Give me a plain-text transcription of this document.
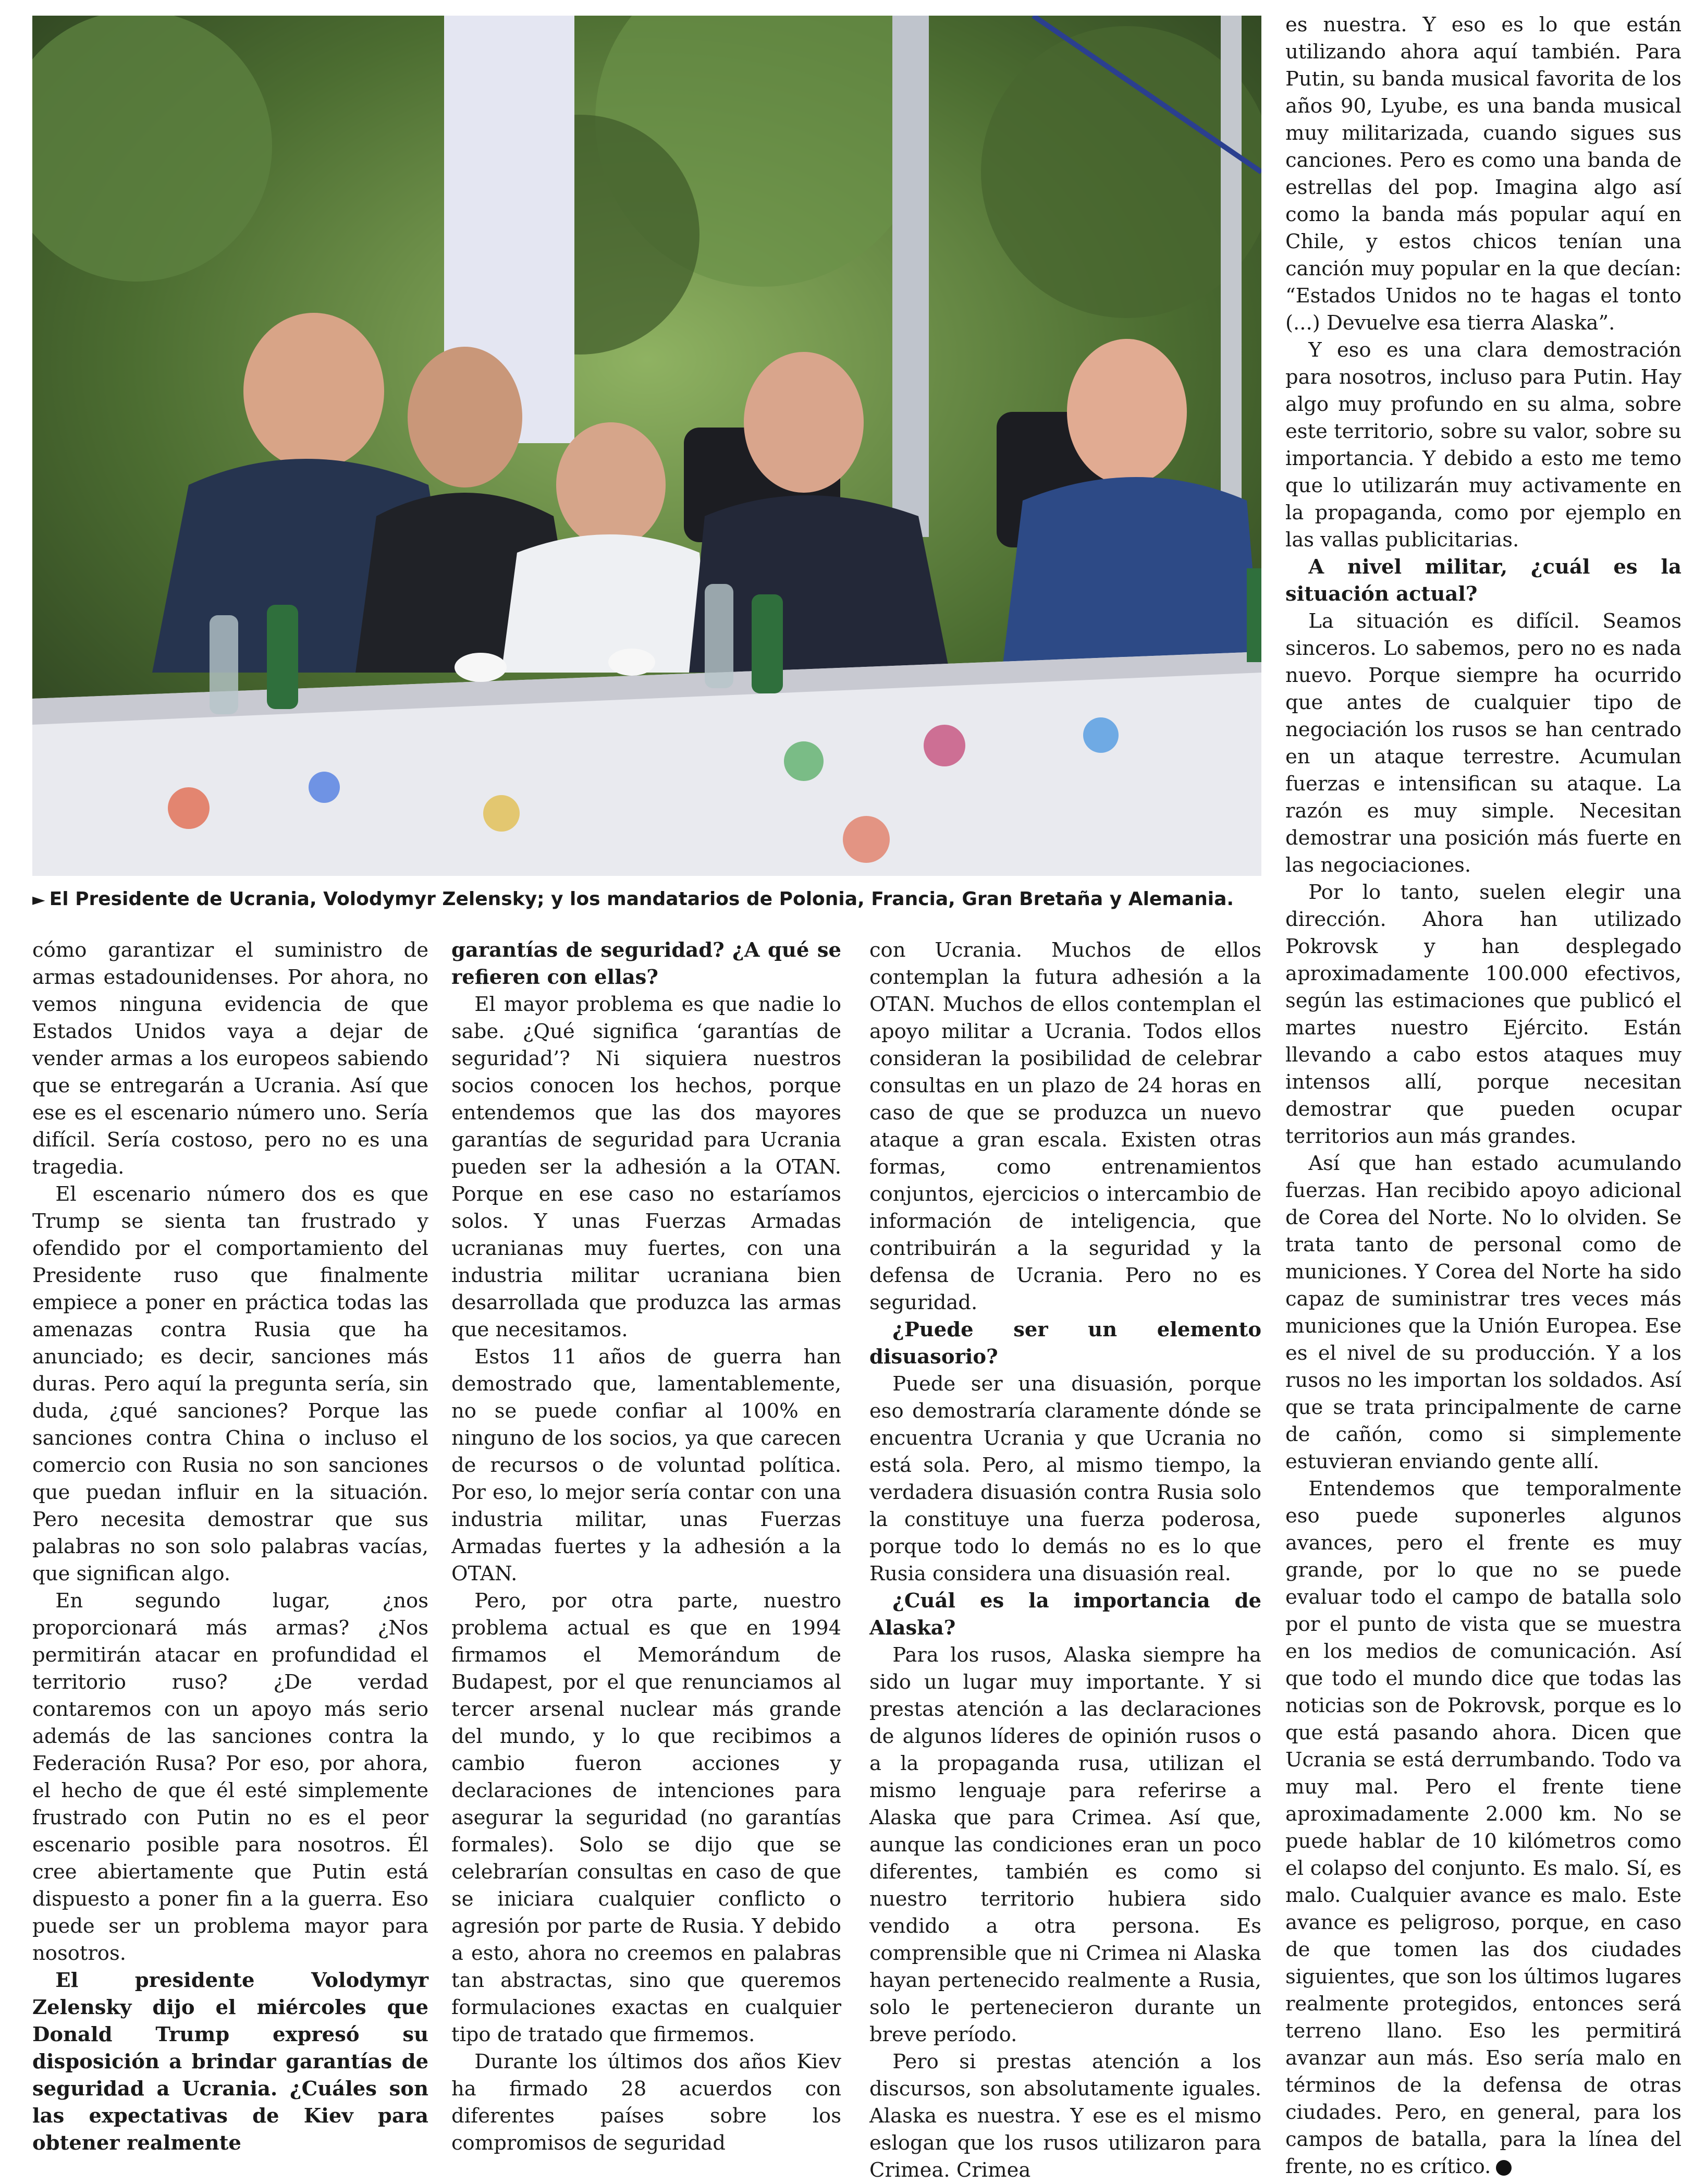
► El Presidente de Ucrania, Volodymyr Zelensky; y los mandatarios de Polonia, Francia, Gran Bretaña y Alemania.

cómo garantizar el suministro de armas estadounidenses. Por ahora, no vemos ninguna evidencia de que Estados Unidos vaya a dejar de vender armas a los europeos sabiendo que se entregarán a Ucrania. Así que ese es el escenario número uno. Sería difícil. Sería costoso, pero no es una tragedia.

El escenario número dos es que Trump se sienta tan frustrado y ofendido por el comportamiento del Presidente ruso que finalmente empiece a poner en práctica todas las amenazas contra Rusia que ha anunciado; es decir, sanciones más duras. Pero aquí la pregunta sería, sin duda, ¿qué sanciones? Porque las sanciones contra China o incluso el comercio con Rusia no son sanciones que puedan influir en la situación. Pero necesita demostrar que sus palabras no son solo palabras vacías, que significan algo.

En segundo lugar, ¿nos proporcionará más armas? ¿Nos permitirán atacar en profundidad el territorio ruso? ¿De verdad contaremos con un apoyo más serio además de las sanciones contra la Federación Rusa? Por eso, por ahora, el hecho de que él esté simplemente frustrado con Putin no es el peor escenario posible para nosotros. Él cree abiertamente que Putin está dispuesto a poner fin a la guerra. Eso puede ser un problema mayor para nosotros.

El presidente Volodymyr Zelensky dijo el miércoles que Donald Trump expresó su disposición a brindar garantías de seguridad a Ucrania. ¿Cuáles son las expectativas de Kiev para obtener realmente

garantías de seguridad? ¿A qué se refieren con ellas?

El mayor problema es que nadie lo sabe. ¿Qué significa ‘garantías de seguridad’? Ni siquiera nuestros socios conocen los hechos, porque entendemos que las dos mayores garantías de seguridad para Ucrania pueden ser la adhesión a la OTAN. Porque en ese caso no estaríamos solos. Y unas Fuerzas Armadas ucranianas muy fuertes, con una industria militar ucraniana bien desarrollada que produzca las armas que necesitamos.

Estos 11 años de guerra han demostrado que, lamentablemente, no se puede confiar al 100% en ninguno de los socios, ya que carecen de recursos o de voluntad política. Por eso, lo mejor sería contar con una industria militar, unas Fuerzas Armadas fuertes y la adhesión a la OTAN.

Pero, por otra parte, nuestro problema actual es que en 1994 firmamos el Memorándum de Budapest, por el que renunciamos al tercer arsenal nuclear más grande del mundo, y lo que recibimos a cambio fueron acciones y declaraciones de intenciones para asegurar la seguridad (no garantías formales). Solo se dijo que se celebrarían consultas en caso de que se iniciara cualquier conflicto o agresión por parte de Rusia. Y debido a esto, ahora no creemos en palabras tan abstractas, sino que queremos formulaciones exactas en cualquier tipo de tratado que firmemos.

Durante los últimos dos años Kiev ha firmado 28 acuerdos con diferentes países sobre los compromisos de seguridad

con Ucrania. Muchos de ellos contemplan la futura adhesión a la OTAN. Muchos de ellos contemplan el apoyo militar a Ucrania. Todos ellos consideran la posibilidad de celebrar consultas en un plazo de 24 horas en caso de que se produzca un nuevo ataque a gran escala. Existen otras formas, como entrenamientos conjuntos, ejercicios o intercambio de información de inteligencia, que contribuirán a la seguridad y la defensa de Ucrania. Pero no es seguridad.

¿Puede ser un elemento disuasorio?

Puede ser una disuasión, porque eso demostraría claramente dónde se encuentra Ucrania y que Ucrania no está sola. Pero, al mismo tiempo, la verdadera disuasión contra Rusia solo la constituye una fuerza poderosa, porque todo lo demás no es lo que Rusia considera una disuasión real.

¿Cuál es la importancia de Alaska?

Para los rusos, Alaska siempre ha sido un lugar muy importante. Y si prestas atención a las declaraciones de algunos líderes de opinión rusos o a la propaganda rusa, utilizan el mismo lenguaje para referirse a Alaska que para Crimea. Así que, aunque las condiciones eran un poco diferentes, también es como si nuestro territorio hubiera sido vendido a otra persona. Es comprensible que ni Crimea ni Alaska hayan pertenecido realmente a Rusia, solo le pertenecieron durante un breve período.

Pero si prestas atención a los discursos, son absolutamente iguales. Alaska es nuestra. Y ese es el mismo eslogan que los rusos utilizaron para Crimea. Crimea

es nuestra. Y eso es lo que están utilizando ahora aquí también. Para Putin, su banda musical favorita de los años 90, Lyube, es una banda musical muy militarizada, cuando sigues sus canciones. Pero es como una banda de estrellas del pop. Imagina algo así como la banda más popular aquí en Chile, y estos chicos tenían una canción muy popular en la que decían: “Estados Unidos no te hagas el tonto (...) Devuelve esa tierra Alaska”.

Y eso es una clara demostración para nosotros, incluso para Putin. Hay algo muy profundo en su alma, sobre este territorio, sobre su valor, sobre su importancia. Y debido a esto me temo que lo utilizarán muy activamente en la propaganda, como por ejemplo en las vallas publicitarias.

A nivel militar, ¿cuál es la situación actual?

La situación es difícil. Seamos sinceros. Lo sabemos, pero no es nada nuevo. Porque siempre ha ocurrido que antes de cualquier tipo de negociación los rusos se han centrado en un ataque terrestre. Acumulan fuerzas e intensifican su ataque. La razón es muy simple. Necesitan demostrar una posición más fuerte en las negociaciones.

Por lo tanto, suelen elegir una dirección. Ahora han utilizado Pokrovsk y han desplegado aproximadamente 100.000 efectivos, según las estimaciones que publicó el martes nuestro Ejército. Están llevando a cabo estos ataques muy intensos allí, porque necesitan demostrar que pueden ocupar territorios aun más grandes.

Así que han estado acumulando fuerzas. Han recibido apoyo adicional de Corea del Norte. No lo olviden. Se trata tanto de personal como de municiones. Y Corea del Norte ha sido capaz de suministrar tres veces más municiones que la Unión Europea. Ese es el nivel de su producción. Y a los rusos no les importan los soldados. Así que se trata principalmente de carne de cañón, como si simplemente estuvieran enviando gente allí.

Entendemos que temporalmente eso puede suponerles algunos avances, pero el frente es muy grande, por lo que no se puede evaluar todo el campo de batalla solo por el punto de vista que se muestra en los medios de comunicación. Así que todo el mundo dice que todas las noticias son de Pokrovsk, porque es lo que está pasando ahora. Dicen que Ucrania se está derrumbando. Todo va muy mal. Pero el frente tiene aproximadamente 2.000 km. No se puede hablar de 10 kilómetros como el colapso del conjunto. Es malo. Sí, es malo. Cualquier avance es malo. Este avance es peligroso, porque, en caso de que tomen las dos ciudades siguientes, que son los últimos lugares realmente protegidos, entonces será terreno llano. Eso les permitirá avanzar aun más. Eso sería malo en términos de la defensa de otras ciudades. Pero, en general, para los campos de batalla, para la línea del frente, no es crítico.
